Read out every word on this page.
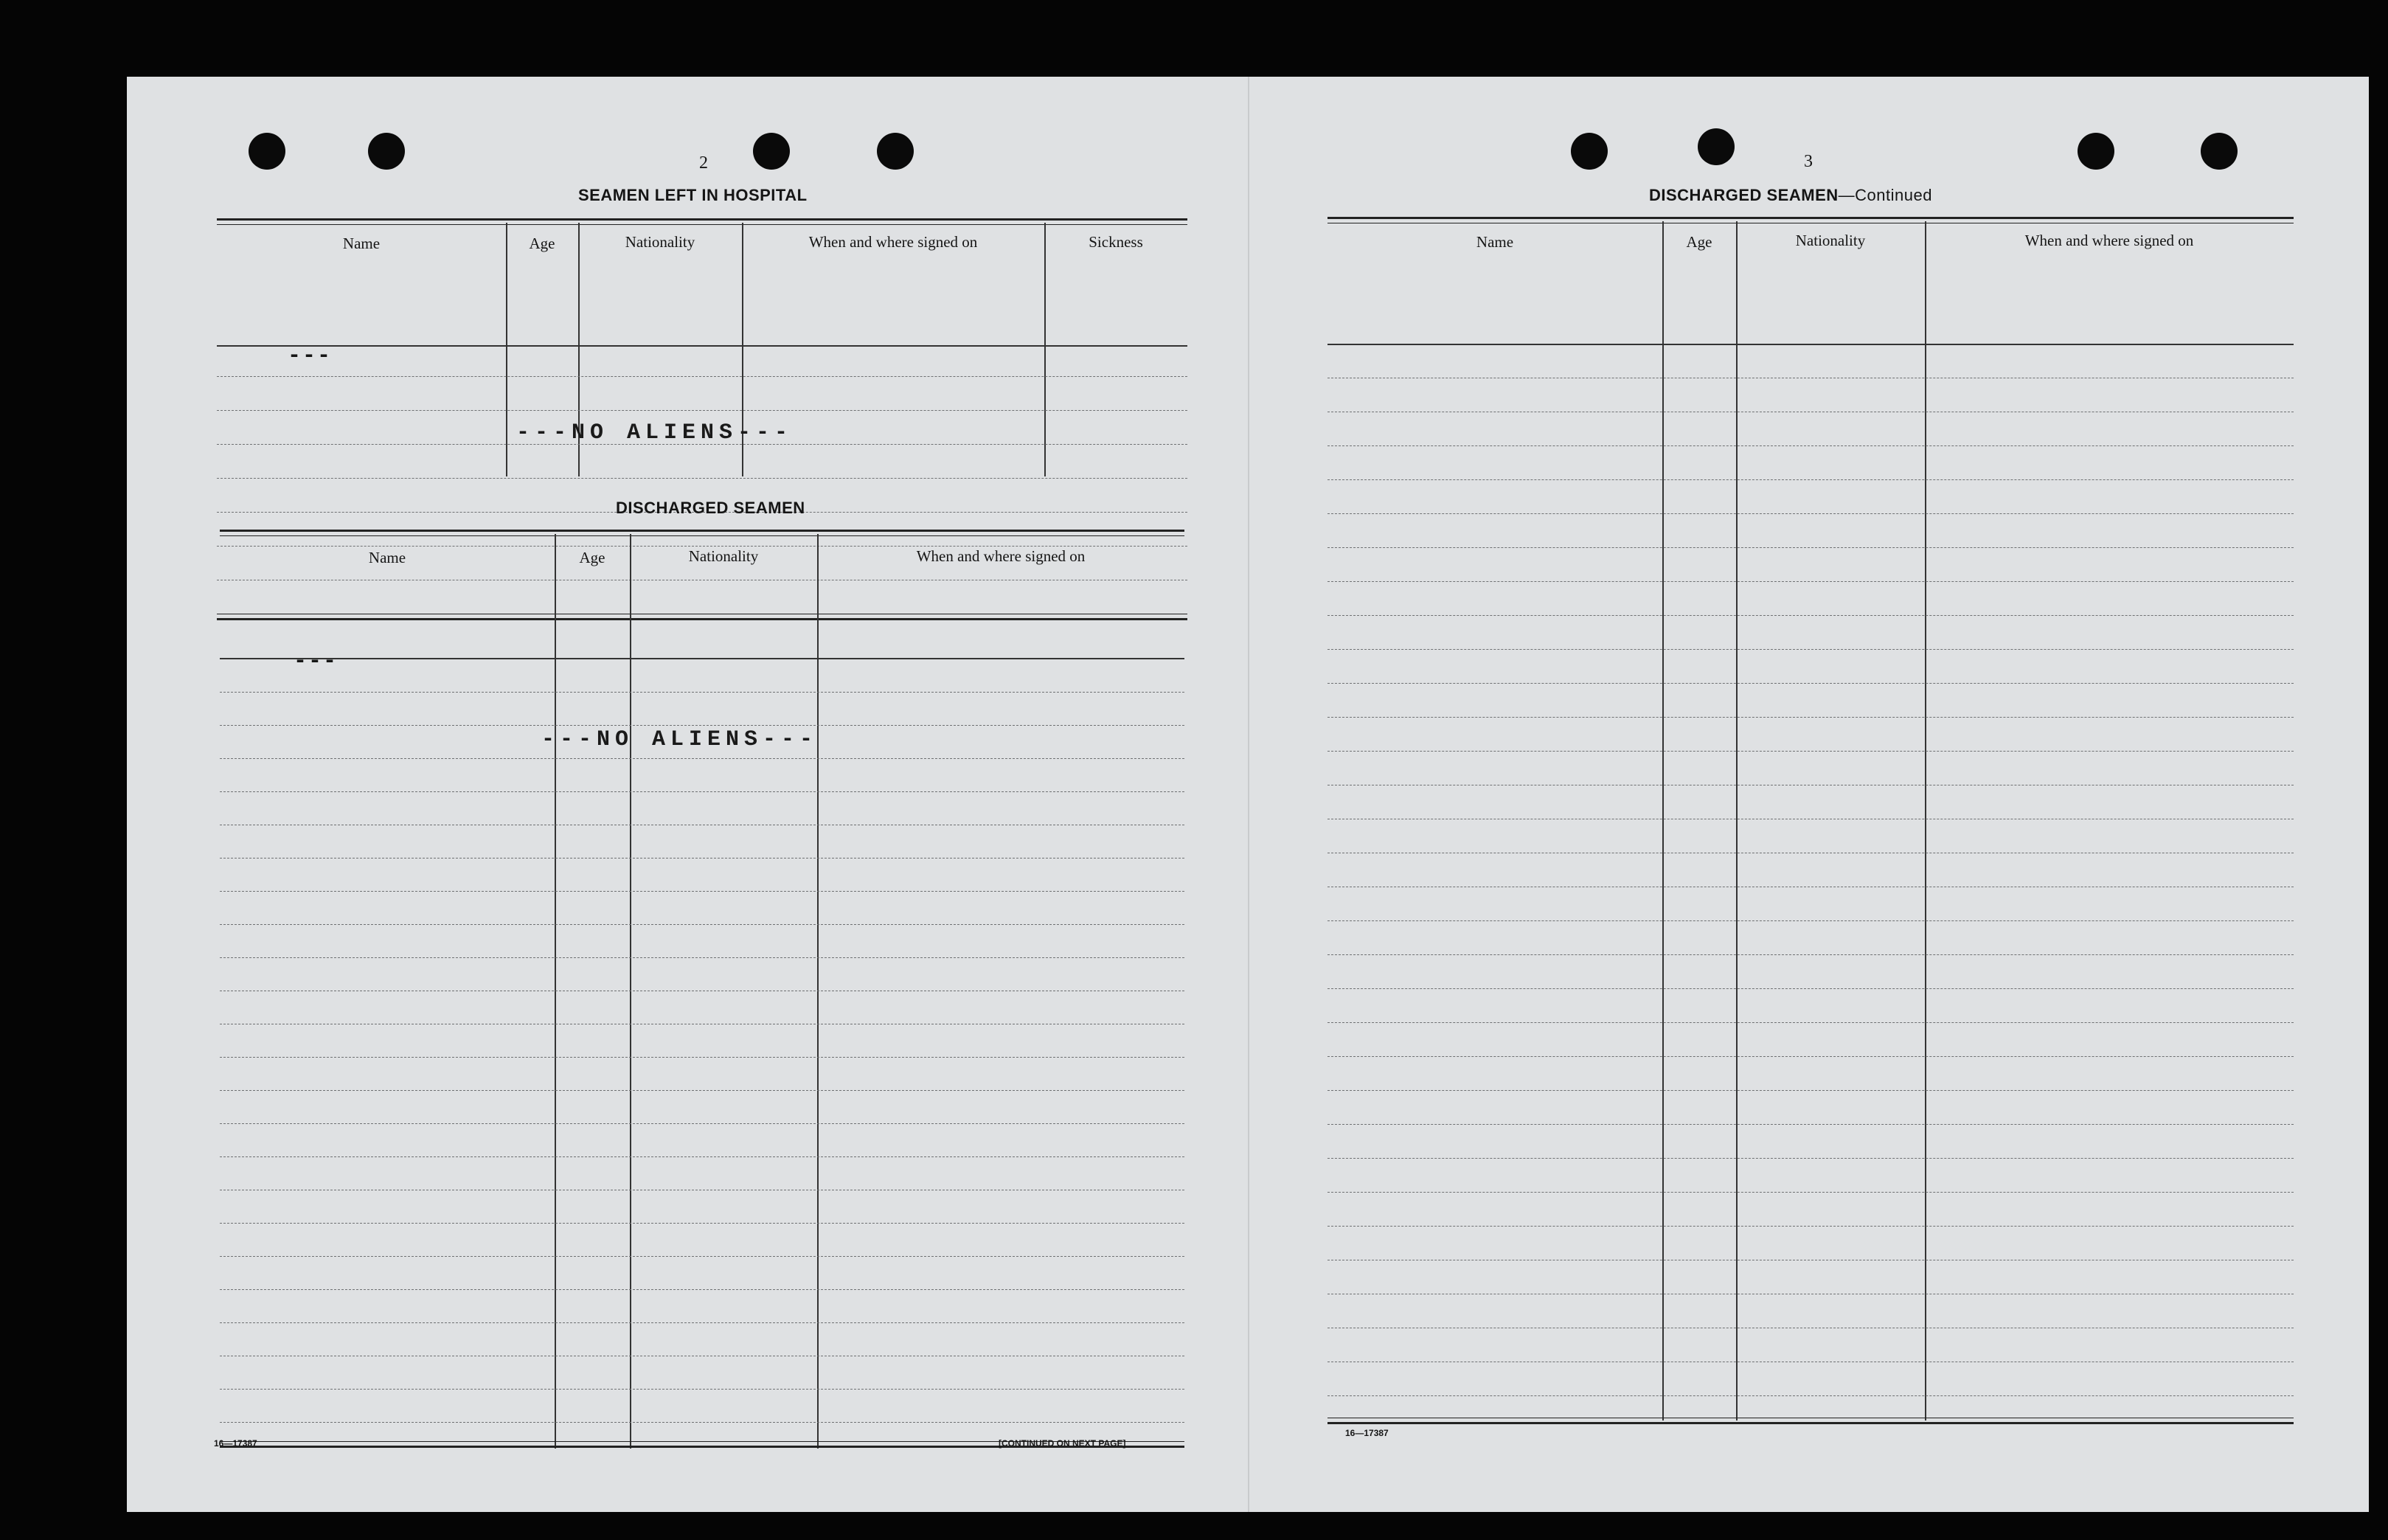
2
SEAMEN LEFT IN HOSPITAL
Name	Age	Nationality	When and where signed on	Sickness
---
---NO ALIENS---
DISCHARGED SEAMEN
Name	Age	Nationality	When and where signed on
---
---NO ALIENS---
16—17387	[CONTINUED ON NEXT PAGE]
3
DISCHARGED SEAMEN—Continued
Name	Age	Nationality	When and where signed on
16—17387
